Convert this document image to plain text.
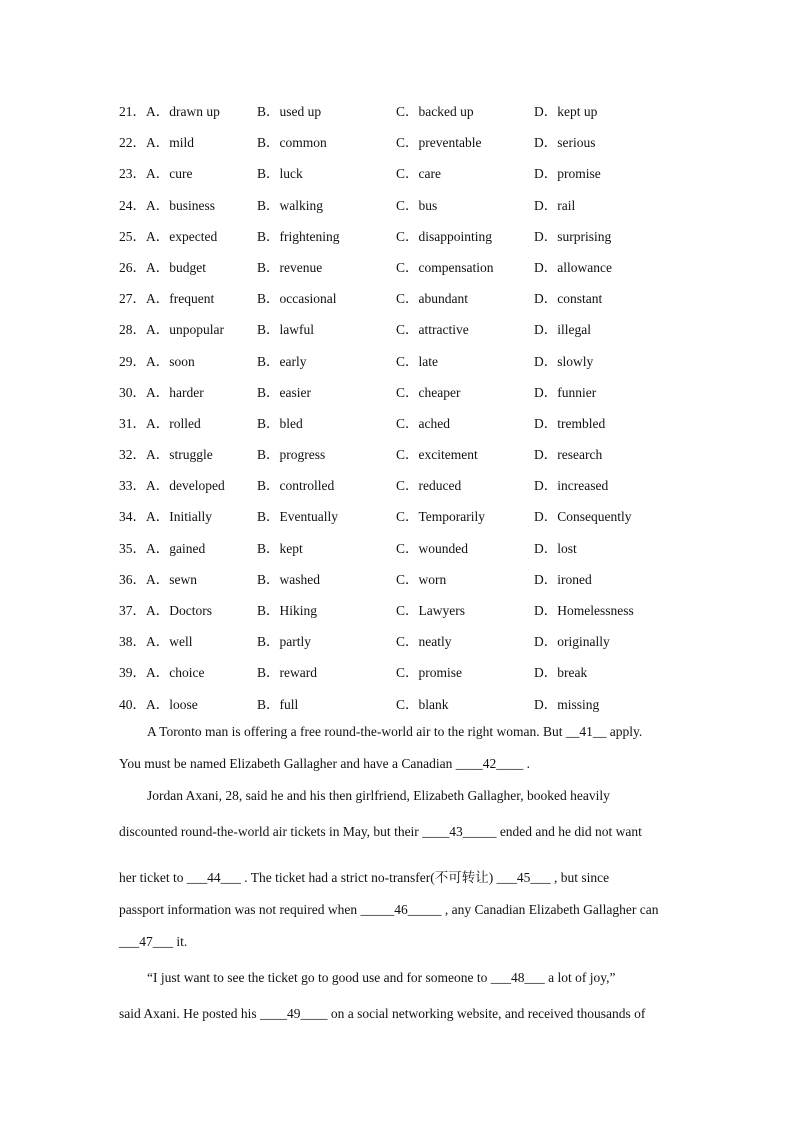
21．A．drawn up	B．used up	C．backed up	D．kept up
22．A．mild	B．common	C．preventable	D．serious
23．A．cure	B．luck	C．care	D．promise
24．A．business	B．walking	C．bus	D．rail
25．A．expected	B．frightening	C．disappointing	D．surprising
26．A．budget	B．revenue	C．compensation	D．allowance
27．A．frequent	B．occasional	C．abundant	D．constant
28．A．unpopular B．lawful	C．attractive	D．illegal
29．A．soon	B．early	C．late	D．slowly
30．A．harder	B．easier	C．cheaper	D．funnier
31．A．rolled	B．bled	C．ached	D．trembled
32．A．struggle	B．progress	C．excitement	D．research
33．A．developed B．controlled	C．reduced	D．increased
34．A．Initially	B．Eventually	C．Temporarily	D．Consequently
35．A．gained	B．kept	C．wounded	D．lost
36．A．sewn	B．washed	C．worn	D．ironed
37．A．Doctors	B．Hiking	C．Lawyers	D．Homelessness
38．A．well	B．partly	C．neatly	D．originally
39．A．choice	B．reward	C．promise	D．break
40．A．loose	B．full	C．blank	D．missing
A Toronto man is offering a free round-the-world air to the right woman. But __41__ apply.
You must be named Elizabeth Gallagher and have a Canadian ____42____ .
Jordan Axani, 28, said he and his then girlfriend, Elizabeth Gallagher, booked heavily
discounted round-the-world air tickets in May, but their ____43_____ ended and he did not want
her ticket to ___44___ . The ticket had a strict no-transfer(不可转让) ___45___ , but since
passport information was not required when _____46_____ , any Canadian Elizabeth Gallagher can
___47___ it.
“I just want to see the ticket go to good use and for someone to ___48___ a lot of joy,”
said Axani. He posted his ____49____ on a social networking website, and received thousands of
